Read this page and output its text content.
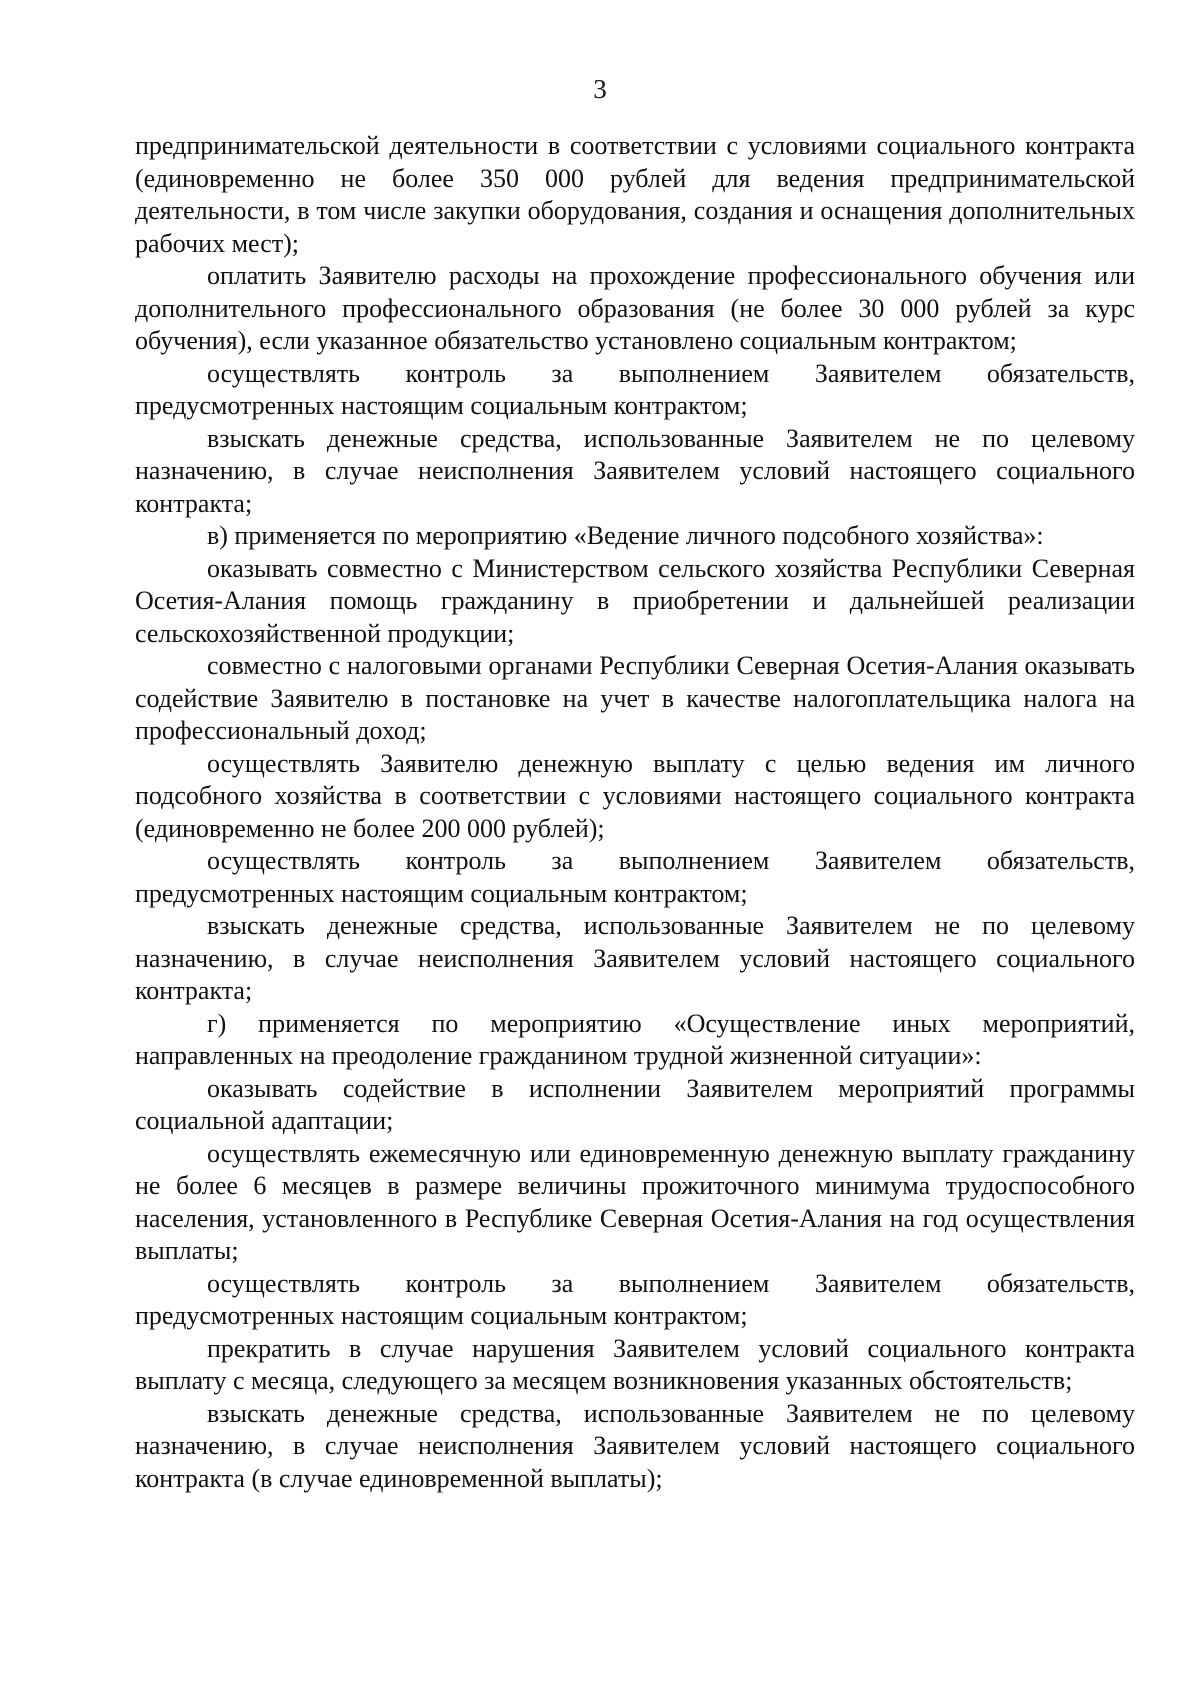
3

предпринимательской деятельности в соответствии с условиями социального контракта (единовременно не более 350 000 рублей для ведения предпринимательской деятельности, в том числе закупки оборудования, создания и оснащения дополнительных рабочих мест);

оплатить Заявителю расходы на прохождение профессионального обучения или дополнительного профессионального образования (не более 30 000 рублей за курс обучения), если указанное обязательство установлено социальным контрактом;

осуществлять контроль за выполнением Заявителем обязательств, предусмотренных настоящим социальным контрактом;

взыскать денежные средства, использованные Заявителем не по целевому назначению, в случае неисполнения Заявителем условий настоящего социального контракта;

в) применяется по мероприятию «Ведение личного подсобного хозяйства»:

оказывать совместно с Министерством сельского хозяйства Республики Северная Осетия-Алания помощь гражданину в приобретении и дальнейшей реализации сельскохозяйственной продукции;

совместно с налоговыми органами Республики Северная Осетия-Алания оказывать содействие Заявителю в постановке на учет в качестве налогоплательщика налога на профессиональный доход;

осуществлять Заявителю денежную выплату с целью ведения им личного подсобного хозяйства в соответствии с условиями настоящего социального контракта (единовременно не более 200 000 рублей);

осуществлять контроль за выполнением Заявителем обязательств, предусмотренных настоящим социальным контрактом;

взыскать денежные средства, использованные Заявителем не по целевому назначению, в случае неисполнения Заявителем условий настоящего социального контракта;

г) применяется по мероприятию «Осуществление иных мероприятий, направленных на преодоление гражданином трудной жизненной ситуации»:

оказывать содействие в исполнении Заявителем мероприятий программы социальной адаптации;

осуществлять ежемесячную или единовременную денежную выплату гражданину не более 6 месяцев в размере величины прожиточного минимума трудоспособного населения, установленного в Республике Северная Осетия-Алания на год осуществления выплаты;

осуществлять контроль за выполнением Заявителем обязательств, предусмотренных настоящим социальным контрактом;

прекратить в случае нарушения Заявителем условий социального контракта выплату с месяца, следующего за месяцем возникновения указанных обстоятельств;

взыскать денежные средства, использованные Заявителем не по целевому назначению, в случае неисполнения Заявителем условий настоящего социального контракта (в случае единовременной выплаты);
